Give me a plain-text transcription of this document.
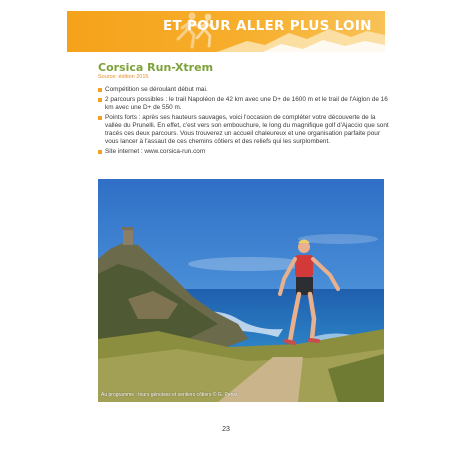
ET POUR ALLER PLUS LOIN
Corsica Run-Xtrem
Source: édition 2015
Compétition se déroulant début mai.
2 parcours possibles : le trail Napoléon de 42 km avec une D+ de 1600 m et le trail de l'Aiglon de 16 km avec une D+ de 550 m.
Points forts : après ses hauteurs sauvages, voici l'occasion de compléter votre découverte de la vallée du Prunelli. En effet, c'est vers son embouchure, le long du magnifique golf d'Ajaccio que sont tracés ces deux parcours. Vous trouverez un accueil chaleureux et une organisation parfaite pour vous lancer à l'assaut de ces chemins côtiers et des reliefs qui les surplombent.
Site internet : www.corsica-run.com
Au programme : tours génoises et sentiers côtiers © G. Perez
23
